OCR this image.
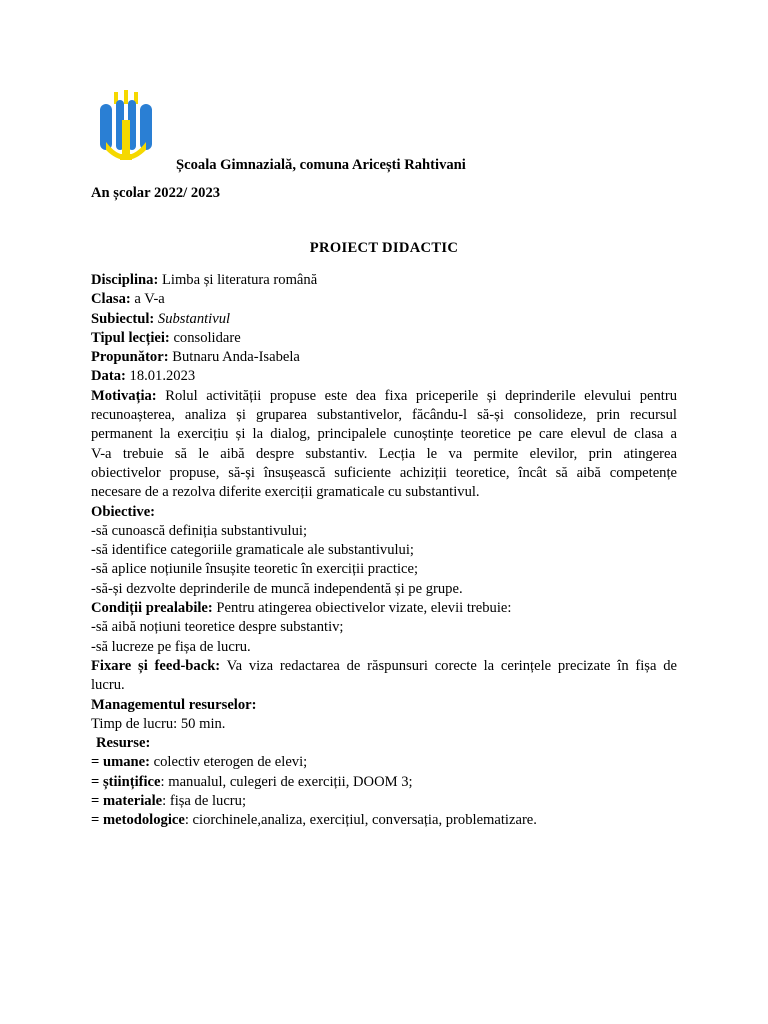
Școala Gimnazială, comuna Aricești Rahtivani
An școlar 2022/ 2023
PROIECT DIDACTIC
Disciplina: Limba și literatura română
Clasa: a V-a
Subiectul: Substantivul
Tipul lecției: consolidare
Propunător: Butnaru Anda-Isabela
Data: 18.01.2023
Motivația: Rolul activității propuse este dea fixa priceperile și deprinderile elevului pentru
recunoașterea, analiza și gruparea substantivelor, făcându-l să-și consolideze, prin recursul
permanent la exercițiu și la dialog, principalele cunoștințe teoretice pe care elevul de clasa a
V-a trebuie să le aibă despre substantiv. Lecția le va permite elevilor, prin atingerea
obiectivelor propuse, să-și însușească suficiente achiziții teoretice, încât să aibă competențe
necesare de a rezolva diferite exerciții gramaticale cu substantivul.
Obiective:
-să cunoască definiția substantivului;
-să identifice categoriile gramaticale ale substantivului;
-să aplice noțiunile însușite teoretic în exerciții practice;
-să-și dezvolte deprinderile de muncă independentă și pe grupe.
Condiții prealabile: Pentru atingerea obiectivelor vizate, elevii trebuie:
-să aibă noțiuni teoretice despre substantiv;
-să lucreze pe fișa de lucru.
Fixare și feed-back: Va viza redactarea de răspunsuri corecte la cerințele precizate în fișa de
lucru.
Managementul resurselor:
Timp de lucru: 50 min.
Resurse:
= umane: colectiv eterogen de elevi;
= științifice: manualul, culegeri de exerciții, DOOM 3;
= materiale: fișa de lucru;
= metodologice: ciorchinele,analiza, exercițiul, conversația, problematizare.
